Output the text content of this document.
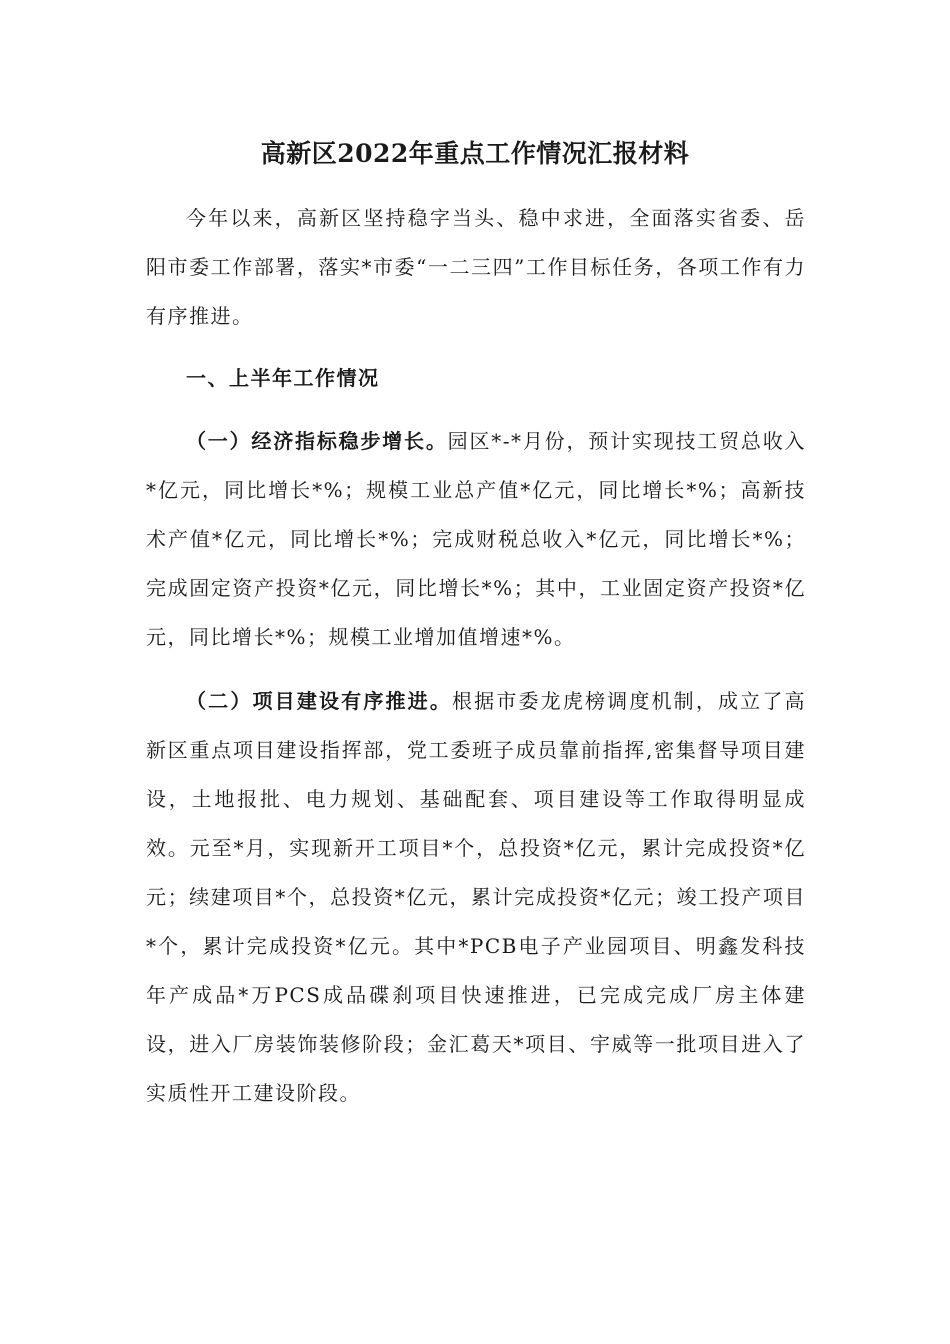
高新区2022年重点工作情况汇报材料

今年以来，高新区坚持稳字当头、稳中求进，全面落实省委、岳阳市委工作部署，落实*市委“一二三四”工作目标任务，各项工作有力有序推进。

一、上半年工作情况

（一）经济指标稳步增长。园区*-*月份，预计实现技工贸总收入*亿元，同比增长*%；规模工业总产值*亿元，同比增长*%；高新技术产值*亿元，同比增长*%；完成财税总收入*亿元，同比增长*%；完成固定资产投资*亿元，同比增长*%；其中，工业固定资产投资*亿元，同比增长*%；规模工业增加值增速*%。

（二）项目建设有序推进。根据市委龙虎榜调度机制，成立了高新区重点项目建设指挥部，党工委班子成员靠前指挥,密集督导项目建设，土地报批、电力规划、基础配套、项目建设等工作取得明显成效。元至*月，实现新开工项目*个，总投资*亿元，累计完成投资*亿元；续建项目*个，总投资*亿元，累计完成投资*亿元；竣工投产项目*个，累计完成投资*亿元。其中*PCB电子产业园项目、明鑫发科技年产成品*万PCS成品碟刹项目快速推进，已完成完成厂房主体建设，进入厂房装饰装修阶段；金汇葛天*项目、宇威等一批项目进入了实质性开工建设阶段。
